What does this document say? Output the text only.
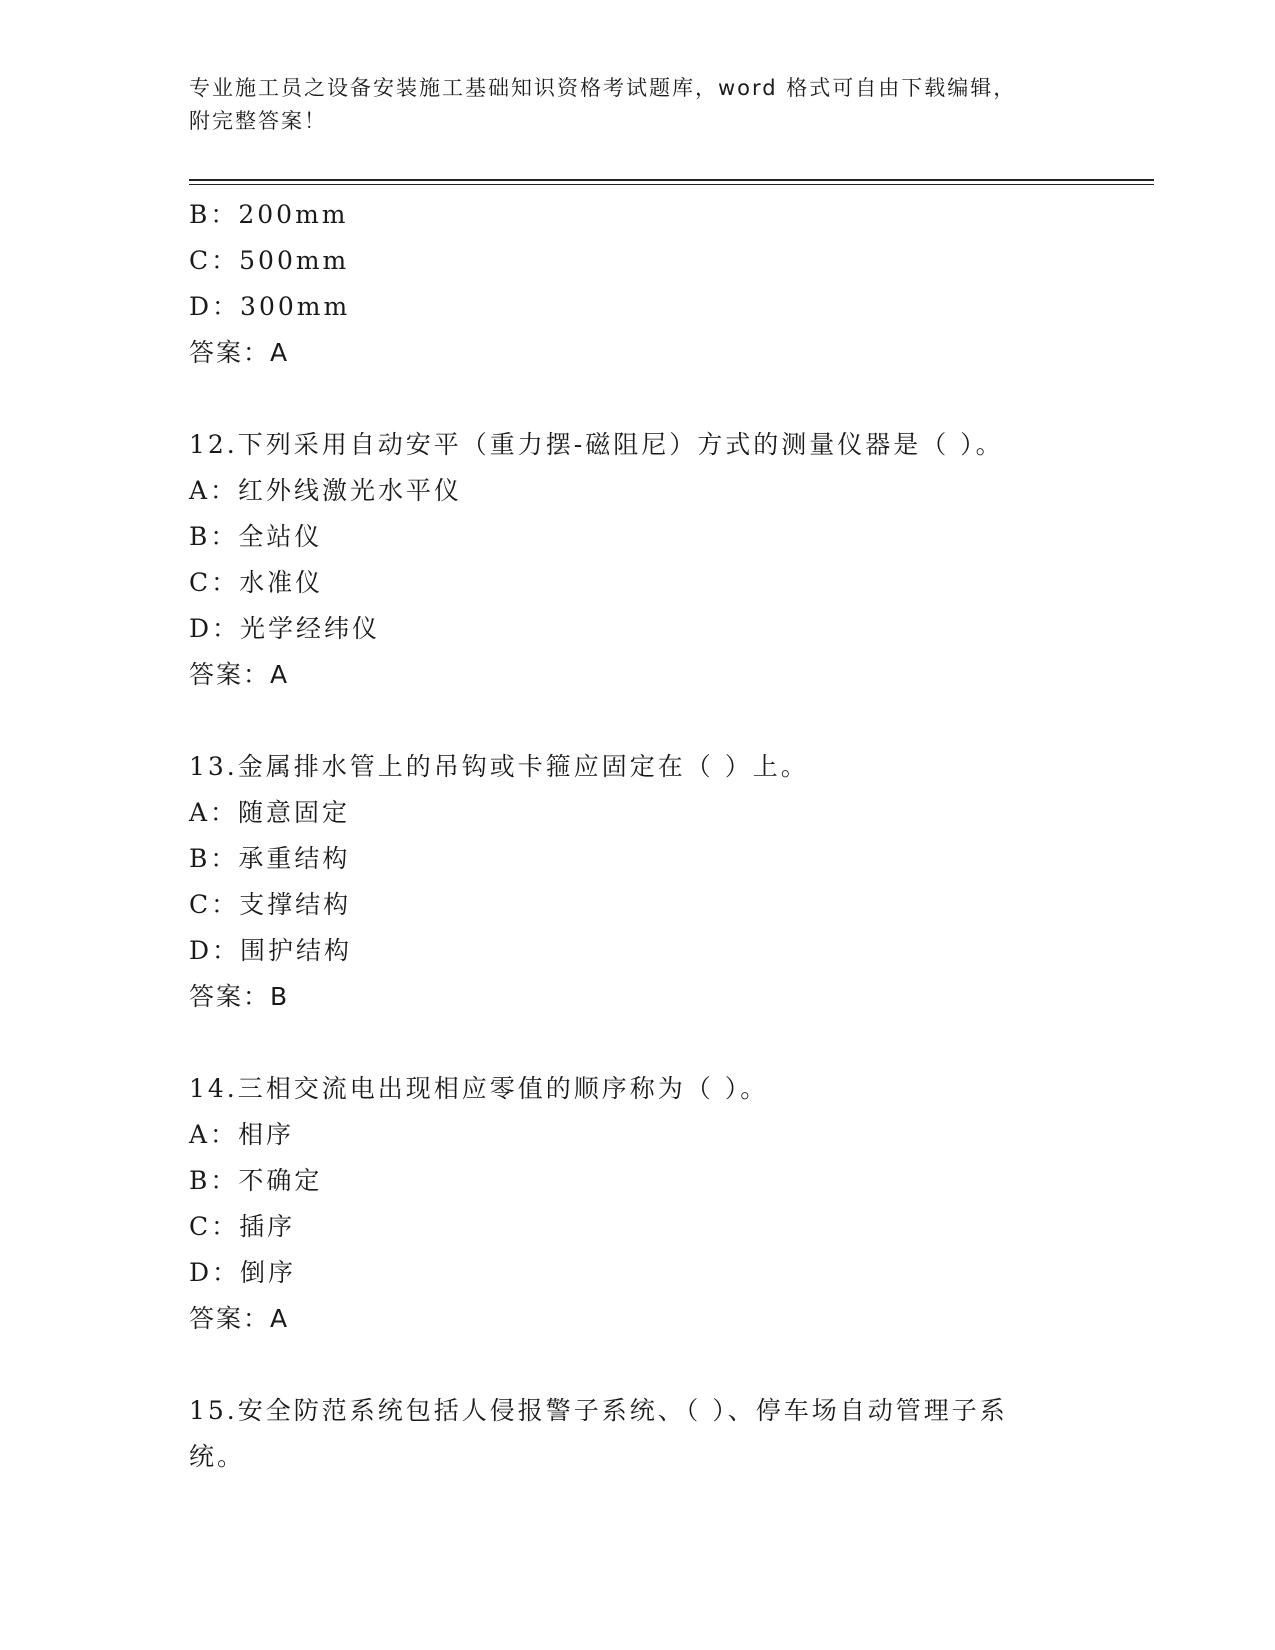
专业施工员之设备安装施工基础知识资格考试题库，word 格式可自由下载编辑，
附完整答案！
B：200mm
C：500mm
D：300mm
答案：A
12.下列采用自动安平（重力摆-磁阻尼）方式的测量仪器是（ ）。
A：红外线激光水平仪
B：全站仪
C：水准仪
D：光学经纬仪
答案：A
13.金属排水管上的吊钩或卡箍应固定在（ ）上。
A：随意固定
B：承重结构
C：支撑结构
D：围护结构
答案：B
14.三相交流电出现相应零值的顺序称为（ ）。
A：相序
B：不确定
C：插序
D：倒序
答案：A
15.安全防范系统包括人侵报警子系统、（ ）、停车场自动管理子系
统。
